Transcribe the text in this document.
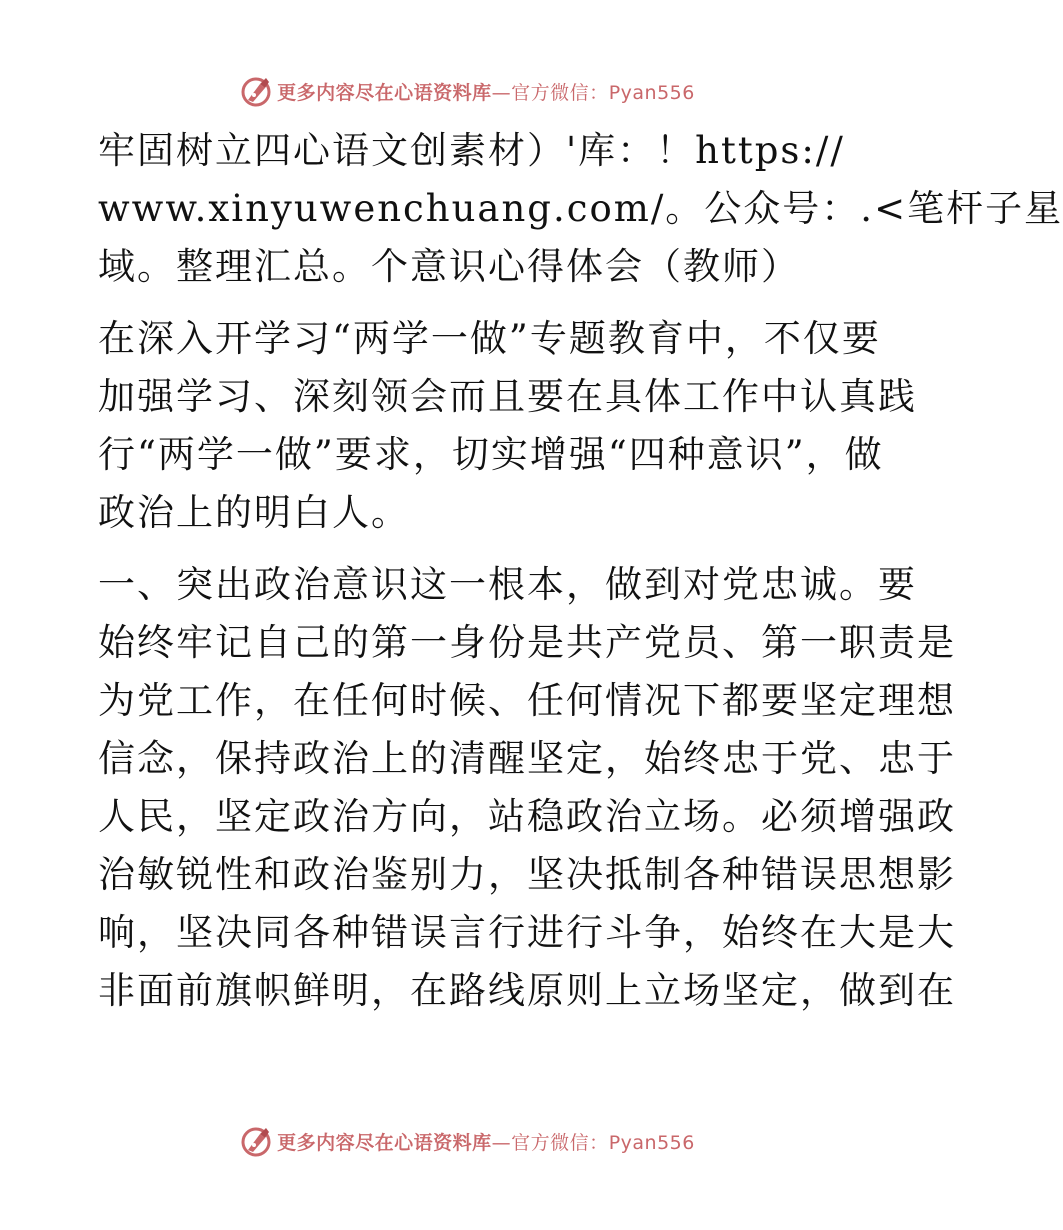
更多内容尽在心语资料库—官方微信：Pyan556

牢固树立四心语文创素材）'库：！https://
www.xinyuwenchuang.com/。公众号：.<笔杆子星
域。整理汇总。个意识心得体会（教师）

在深入开学习“两学一做”专题教育中，不仅要
加强学习、深刻领会而且要在具体工作中认真践
行“两学一做”要求，切实增强“四种意识”，做
政治上的明白人。

一、突出政治意识这一根本，做到对党忠诚。要
始终牢记自己的第一身份是共产党员、第一职责是
为党工作，在任何时候、任何情况下都要坚定理想
信念，保持政治上的清醒坚定，始终忠于党、忠于
人民，坚定政治方向，站稳政治立场。必须增强政
治敏锐性和政治鉴别力，坚决抵制各种错误思想影
响，坚决同各种错误言行进行斗争，始终在大是大
非面前旗帜鲜明，在路线原则上立场坚定，做到在

更多内容尽在心语资料库—官方微信：Pyan556
